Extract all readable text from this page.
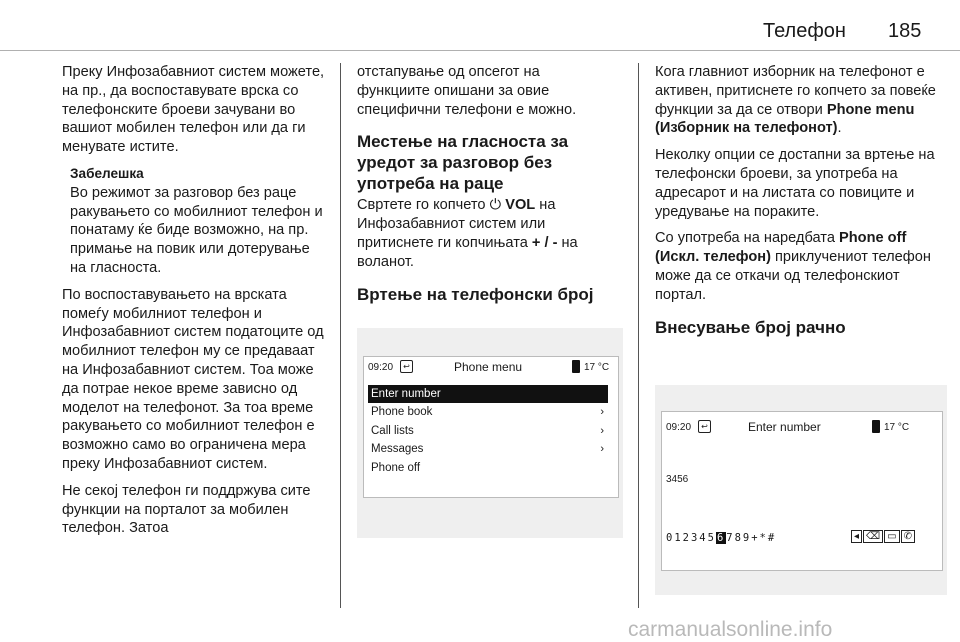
Телефон 185

Преку Инфозабавниот систем можете, на пр., да воспоставувате врска со телефонските броеви зачувани во вашиот мобилен телефон или да ги менувате иститe.

Забелешка
Во режимот за разговор без раце ракувањето со мобилниот телефон и понатаму ќе биде возможно, на пр. примање на повик или дотерување на гласноста.

По воспоставувањето на врската помеѓу мобилниот телефон и Инфозабавниот систем податоците од мобилниот телефон му се предаваат на Инфозабавниот систем. Тоа може да потрае некое време зависно од моделот на телефонот. За тоа време ракувањето со мобилниот телефон е возможно само во ограничена мера преку Инфозабавниот систем.

Не секој телефон ги поддржува сите функции на порталот за мобилен телефон. Затоа

отстапување од опсегот на функциите опишани за овие специфични телефони е можно.

Местење на гласноста за уредот за разговор без употреба на раце

Свртете го копчето ⏻ VOL на Инфозабавниот систем или притиснете ги копчињата + / - на воланот.

Вртење на телефонски број
09:20	↩	Phone menu	17 °C
Enter number
Phone book	›
Call lists	›
Messages	›
Phone off

Кога главниот изборник на телефонот е активен, притиснете го копчето за повеќе функции за да се отвори Phone menu (Изборник на телефонот).

Неколку опции се достапни за вртење на телефонски броеви, за употреба на адресарот и на листата со повиците и уредување на пораките.

Со употреба на наредбата Phone off (Искл. телефон) приклучениот телефон може да се откачи од телефонскиот портал.

Внесување број рачно
09:20	↩	Enter number	17 °C
3456
0123456789+*#	◂ ⌫ ▭ ✆
carmanualsonline.info
